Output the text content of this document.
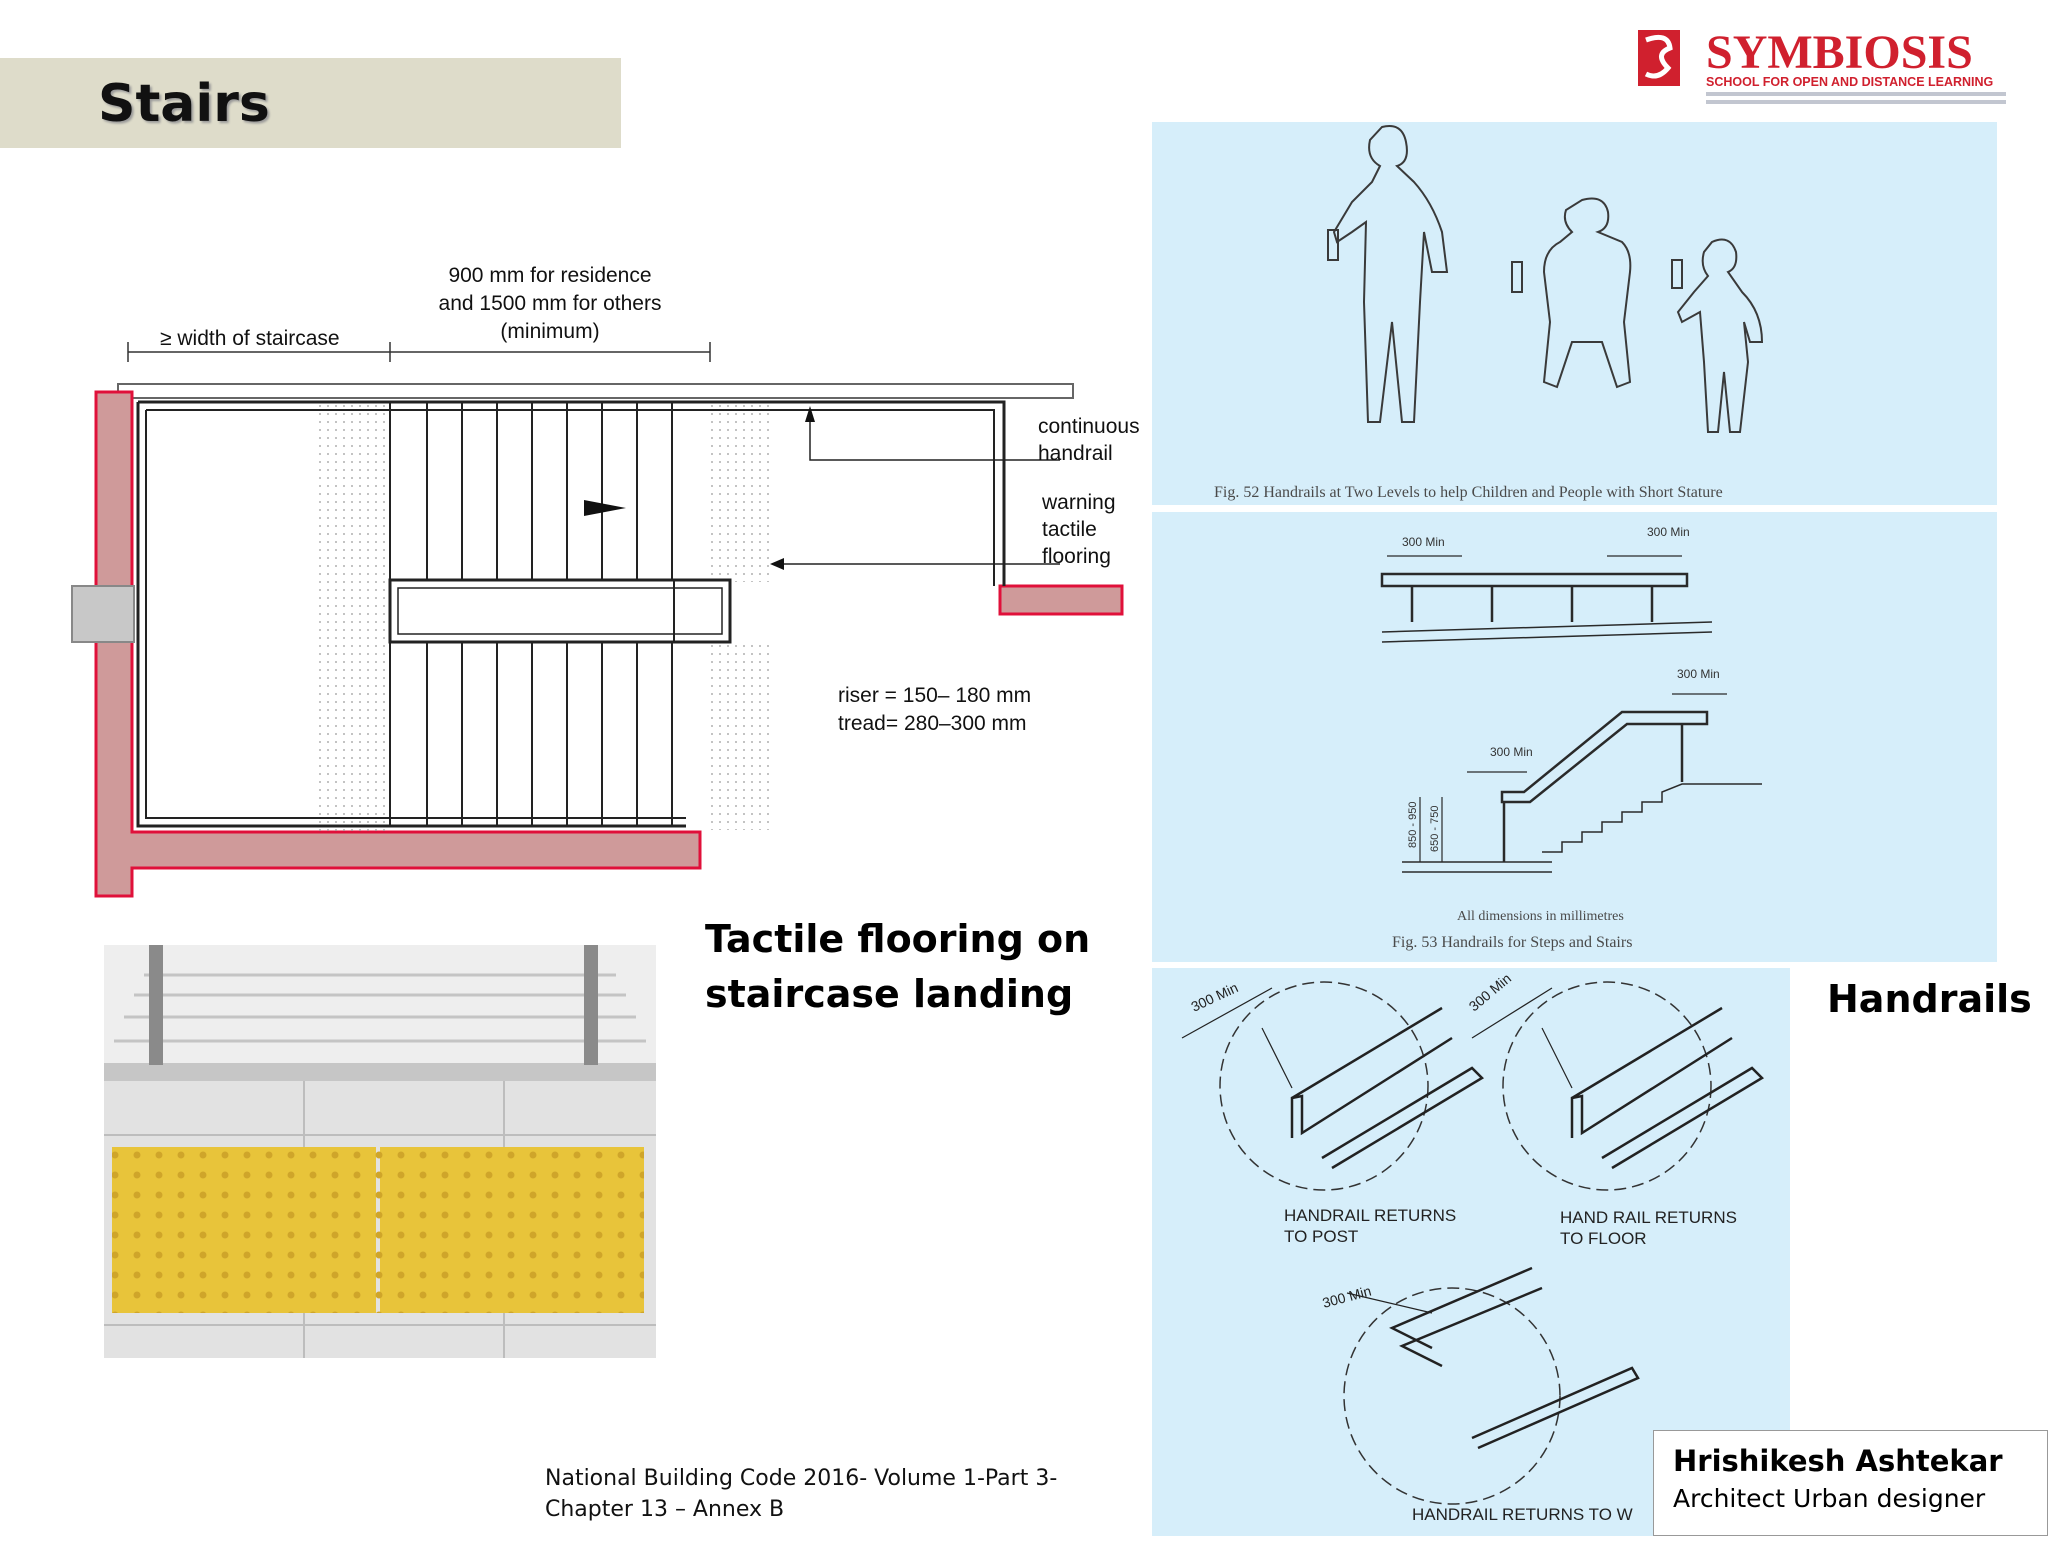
Stairs
SYMBIOSIS
SCHOOL FOR OPEN AND DISTANCE LEARNING
≥ width of staircase
900 mm for residence
and 1500 mm for others
(minimum)
continuous
handrail
warning
tactile
flooring
riser = 150– 180 mm
tread= 280–300 mm
Tactile flooring on staircase landing
Fig. 52 Handrails at Two Levels to help Children and People with Short Stature
300 Min
300 Min
300 Min
300 Min
850 - 950 650 - 750
All dimensions in millimetres
Fig. 53 Handrails for Steps and Stairs
300 Min	300 Min
300 Min
HANDRAIL RETURNS
TO POST
HAND RAIL RETURNS
TO FLOOR
HANDRAIL RETURNS TO W
Handrails
National Building Code 2016- Volume 1-Part 3- Chapter 13 – Annex B
Hrishikesh Ashtekar
Architect Urban designer
